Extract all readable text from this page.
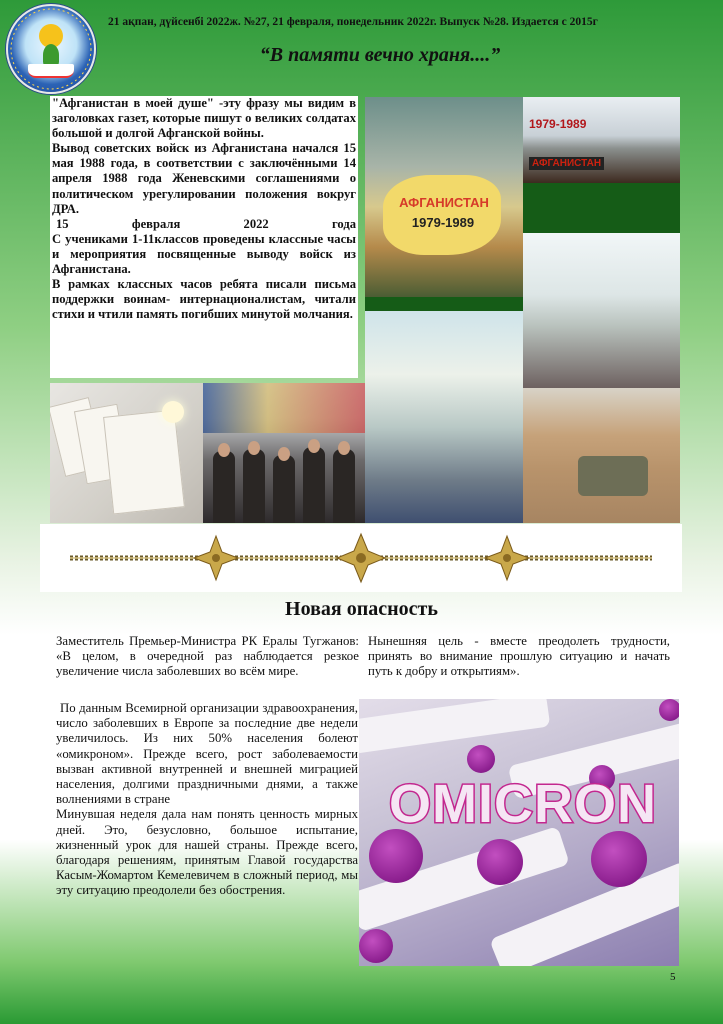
21 ақпан, дүйсенбі 2022ж. №27, 21 февраля, понедельник 2022г. Выпуск №28. Издается с 2015г
“В памяти вечно храня....”

"Афганистан в моей душе" -эту фразу мы видим в заголовках газет, которые пишут о великих солдатах большой и долгой Афганской войны.

Вывод советских войск из Афганистана начался 15 мая 1988 года, в соответствии с заключёнными 14 апреля 1988 года Женевскими соглашениями о политическом урегулировании положения вокруг ДРА.

15 февраля 2022 года

С учениками 1-11классов проведены классные часы и мероприятия посвященные выводу войск из Афганистана.

В рамках классных часов ребята писали письма поддержки воинам- интернационалистам, читали стихи и чтили память погибших минутой молчания.

АФГАНИСТАН
1979-1989
1979-1989
АФГАНИСТАН
Новая опасность

Заместитель Премьер-Министра РК Ералы Тугжанов: «В целом, в очередной раз наблюдается резкое увеличение числа заболевших во всём мире.

Нынешняя цель - вместе преодолеть трудности, принять во внимание прошлую ситуацию и начать путь к добру и открытиям».

По данным Всемирной организации здравоохранения, число заболевших в Европе за последние две недели увеличилось. Из них 50% населения болеют «омикроном». Прежде всего, рост заболеваемости вызван активной внутренней и внешней миграцией населения, долгими праздничными днями, а также волнениями в стране

Минувшая неделя дала нам понять ценность мирных дней. Это, безусловно, большое испытание, жизненный урок для нашей страны. Прежде всего, благодаря решениям, принятым Главой государства Касым-Жомартом Кемелевичем в сложный период, мы эту ситуацию преодолели без обострения.

OMICRON
5
